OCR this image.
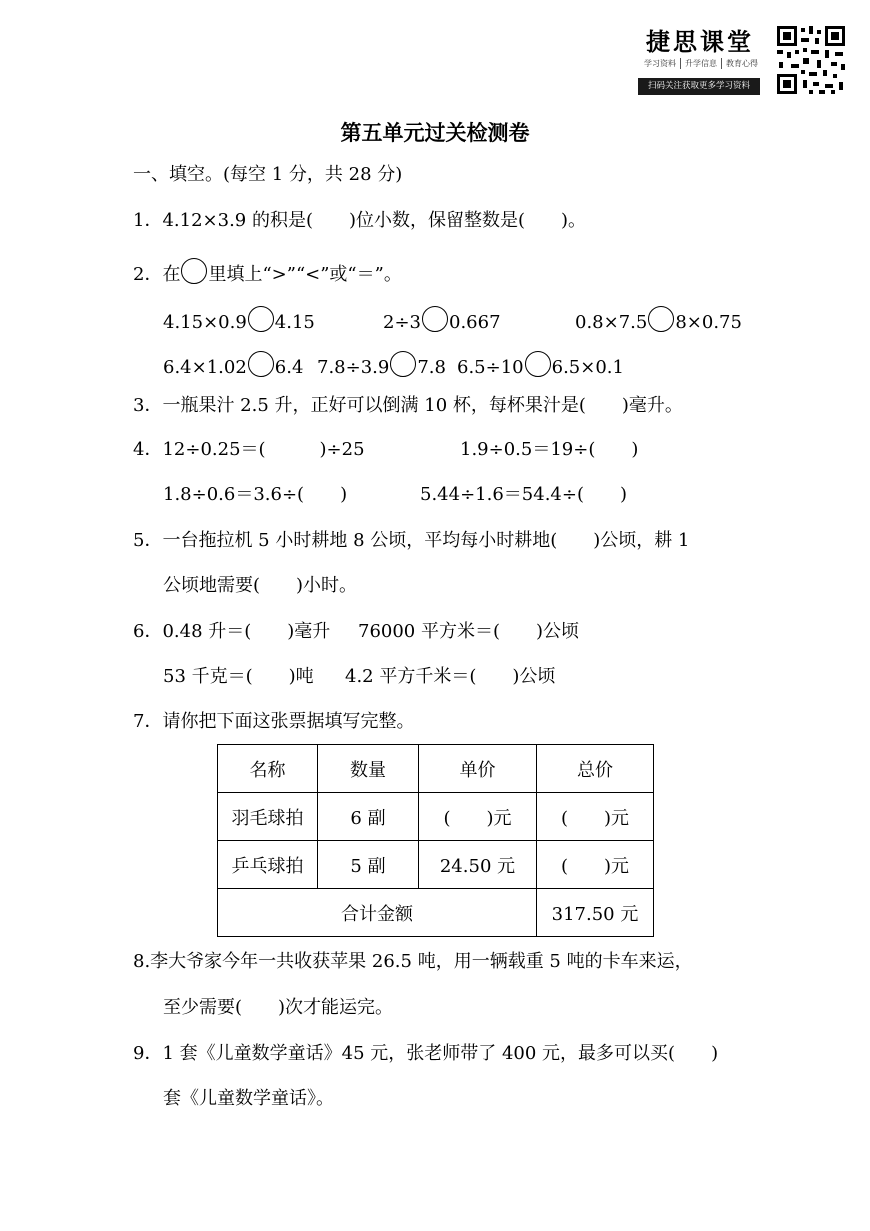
捷思课堂
学习资料 升学信息 教育心得
扫码关注获取更多学习资料
第五单元过关检测卷
一、填空。(每空 1 分，共 28 分)
1．4.12×3.9 的积是(　　)位小数，保留整数是(　　)。
2．在 里填上“>”“<”或“＝”。
4.15×0.9 4.15	2÷3 0.667	0.8×7.5 8×0.75
6.4×1.02 6.4 7.8÷3.9 7.8 6.5÷10 6.5×0.1
3．一瓶果汁 2.5 升，正好可以倒满 10 杯，每杯果汁是(　　)毫升。
4．12÷0.25＝(　　　)÷25	1.9÷0.5＝19÷(　　)
1.8÷0.6＝3.6÷(　　)	5.44÷1.6＝54.4÷(　　)
5．一台拖拉机 5 小时耕地 8 公顷，平均每小时耕地(　　)公顷，耕 1
公顷地需要(　　)小时。
6．0.48 升＝(　　)毫升 76000 平方米＝(　　)公顷
53 千克＝(　　)吨 4.2 平方千米＝(　　)公顷
7．请你把下面这张票据填写完整。
名称	数量	单价	总价
羽毛球拍	6 副	(　　)元	(　　)元
乒乓球拍	5 副	24.50 元	(　　)元
合计金额			317.50 元
8.李大爷家今年一共收获苹果 26.5 吨，用一辆载重 5 吨的卡车来运，
至少需要(　　)次才能运完。
9．1 套《儿童数学童话》45 元，张老师带了 400 元，最多可以买(　　)
套《儿童数学童话》。
